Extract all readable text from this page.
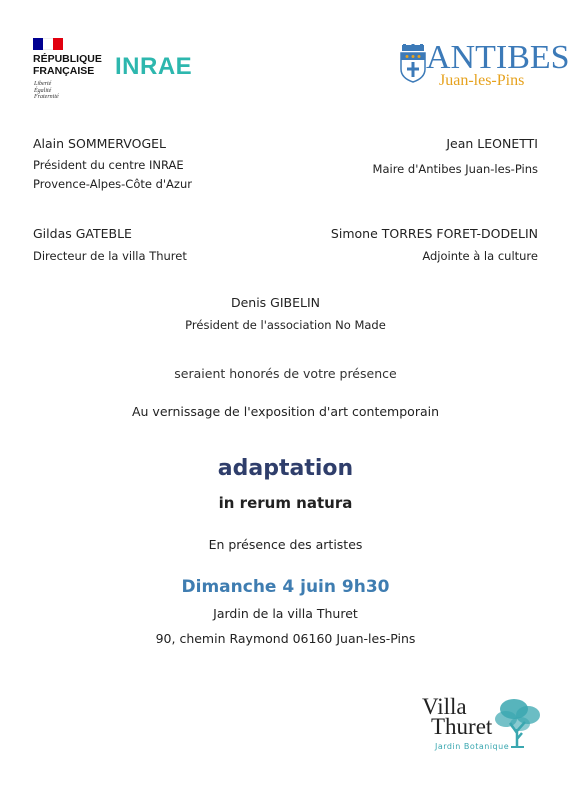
RÉPUBLIQUE
FRANÇAISE
Liberté
Égalité
Fraternité
INRAE	ANTIBES
Juan-les-Pins
Alain SOMMERVOGEL
Président du centre INRAE
Provence-Alpes-Côte d'Azur
Jean LEONETTI
Maire d'Antibes Juan-les-Pins
Gildas GATEBLE
Directeur de la villa Thuret
Simone TORRES FORET-DODELIN
Adjointe à la culture
Denis GIBELIN
Président de l'association No Made
seraient honorés de votre présence
Au vernissage de l'exposition d'art contemporain
adaptation
in rerum natura
En présence des artistes
Dimanche 4 juin 9h30
Jardin de la villa Thuret
90, chemin Raymond 06160 Juan-les-Pins
Villa
Thuret
Jardin Botanique
